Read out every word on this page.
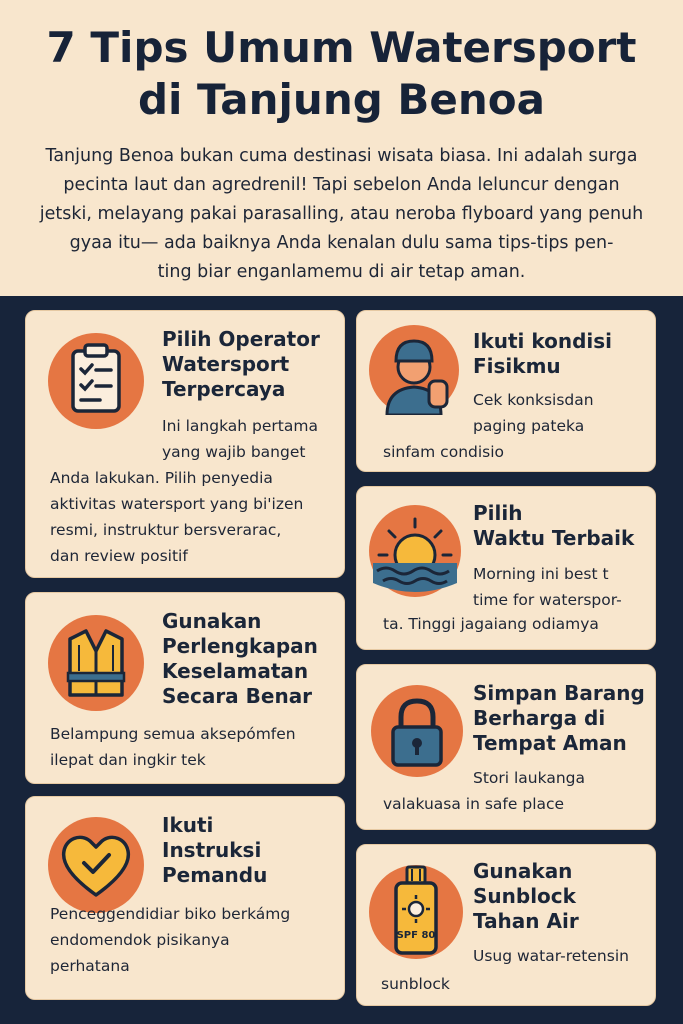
7 Tips Umum Watersport
di Tanjung Benoa
Tanjung Benoa bukan cuma destinasi wisata biasa. Ini adalah surga
pecinta laut dan agredrenil! Tapi sebelon Anda leluncur dengan
jetski, melayang pakai parasalling, atau neroba flyboard yang penuh
gyaa itu— ada baiknya Anda kenalan dulu sama tips-tips pen-
ting biar enganlamemu di air tetap aman.
Pilih Operator
Watersport
Terpercaya
Ini langkah pertama
yang wajib banget
Anda lakukan. Pilih penyedia
aktivitas watersport yang bi'izen
resmi, instruktur bersverarac,
dan review positif
Ikuti kondisi
Fisikmu
Cek konksisdan
paging pateka
sinfam condisio
Pilih
Waktu Terbaik
Morning ini best t
time for waterspor-
ta. Tinggi jagaiang odiamya
Gunakan
Perlengkapan
Keselamatan
Secara Benar
Belampung semua aksepómfen
ilepat dan ingkir tek
Simpan Barang
Berharga di
Tempat Aman
Stori laukanga
valakuasa in safe place
Ikuti
Instruksi
Pemandu
Penceggendidiar biko berkámg
endomendok pisikanya
perhatana
SPF 80
Gunakan
Sunblock
Tahan Air
Usug watar-retensin
sunblock
